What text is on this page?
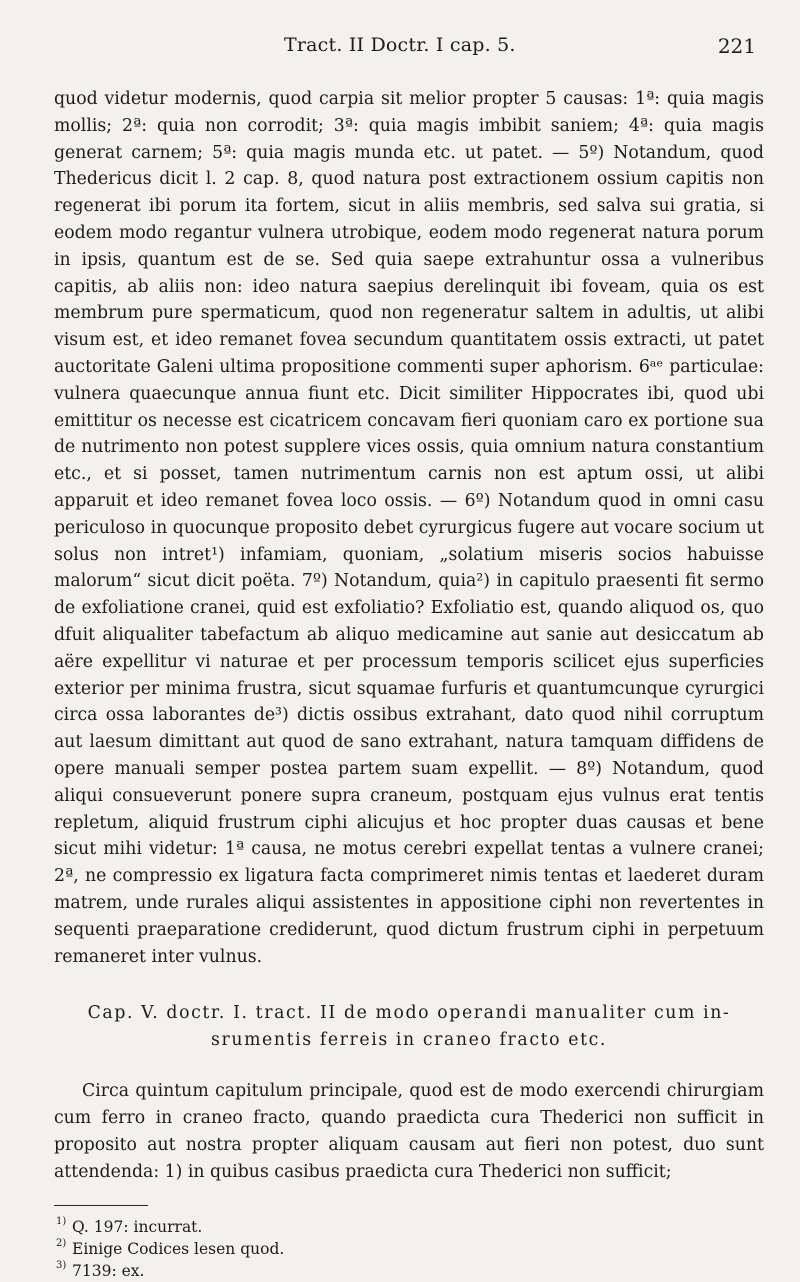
Tract. II Doctr. I cap. 5.	221

quod videtur modernis, quod carpia sit melior propter 5 causas: 1ª: quia magis mollis; 2ª: quia non corrodit; 3ª: quia magis imbibit saniem; 4ª: quia magis generat carnem; 5ª: quia magis munda etc. ut patet. — 5º) Notandum, quod Thedericus dicit l. 2 cap. 8, quod natura post extractionem ossium capitis non regenerat ibi porum ita fortem, sicut in aliis membris, sed salva sui gratia, si eodem modo regantur vulnera utrobique, eodem modo regenerat natura porum in ipsis, quantum est de se. Sed quia saepe extrahuntur ossa a vulneribus capitis, ab aliis non: ideo natura saepius derelinquit ibi foveam, quia os est membrum pure spermaticum, quod non regeneratur saltem in adultis, ut alibi visum est, et ideo remanet fovea secundum quantitatem ossis extracti, ut patet auctoritate Galeni ultima propositione commenti super aphorism. 6ᵃᵉ particulae: vulnera quaecunque annua fiunt etc. Dicit similiter Hippocrates ibi, quod ubi emittitur os necesse est cicatricem concavam fieri quoniam caro ex portione sua de nutrimento non potest supplere vices ossis, quia omnium natura constantium etc., et si posset, tamen nutrimentum carnis non est aptum ossi, ut alibi apparuit et ideo remanet fovea loco ossis. — 6º) Notandum quod in omni casu periculoso in quocunque proposito debet cyrurgicus fugere aut vocare socium ut solus non intret¹) infamiam, quoniam, „solatium miseris socios habuisse malorum“ sicut dicit poëta. 7º) Notandum, quia²) in capitulo praesenti fit sermo de exfoliatione cranei, quid est exfoliatio? Exfoliatio est, quando aliquod os, quo dfuit aliqualiter tabefactum ab aliquo medicamine aut sanie aut desiccatum ab aëre expellitur vi naturae et per processum temporis scilicet ejus superficies exterior per minima frustra, sicut squamae furfuris et quantumcunque cyrurgici circa ossa laborantes de³) dictis ossibus extrahant, dato quod nihil corruptum aut laesum dimittant aut quod de sano extrahant, natura tamquam diffidens de opere manuali semper postea partem suam expellit. — 8º) Notandum, quod aliqui consueverunt ponere supra craneum, postquam ejus vulnus erat tentis repletum, aliquid frustrum ciphi alicujus et hoc propter duas causas et bene sicut mihi videtur: 1ª causa, ne motus cerebri expellat tentas a vulnere cranei; 2ª, ne compressio ex ligatura facta comprimeret nimis tentas et laederet duram matrem, unde rurales aliqui assistentes in appositione ciphi non revertentes in sequenti praeparatione crediderunt, quod dictum frustrum ciphi in perpetuum remaneret inter vulnus.

Cap. V. doctr. I. tract. II de modo operandi manualiter cum in-
srumentis ferreis in craneo fracto etc.

Circa quintum capitulum principale, quod est de modo exercendi chirurgiam cum ferro in craneo fracto, quando praedicta cura Thederici non sufficit in proposito aut nostra propter aliquam causam aut fieri non potest, duo sunt attendenda: 1) in quibus casibus praedicta cura Thederici non sufficit;

1) Q. 197: incurrat.
2) Einige Codices lesen quod.
3) 7139: ex.
